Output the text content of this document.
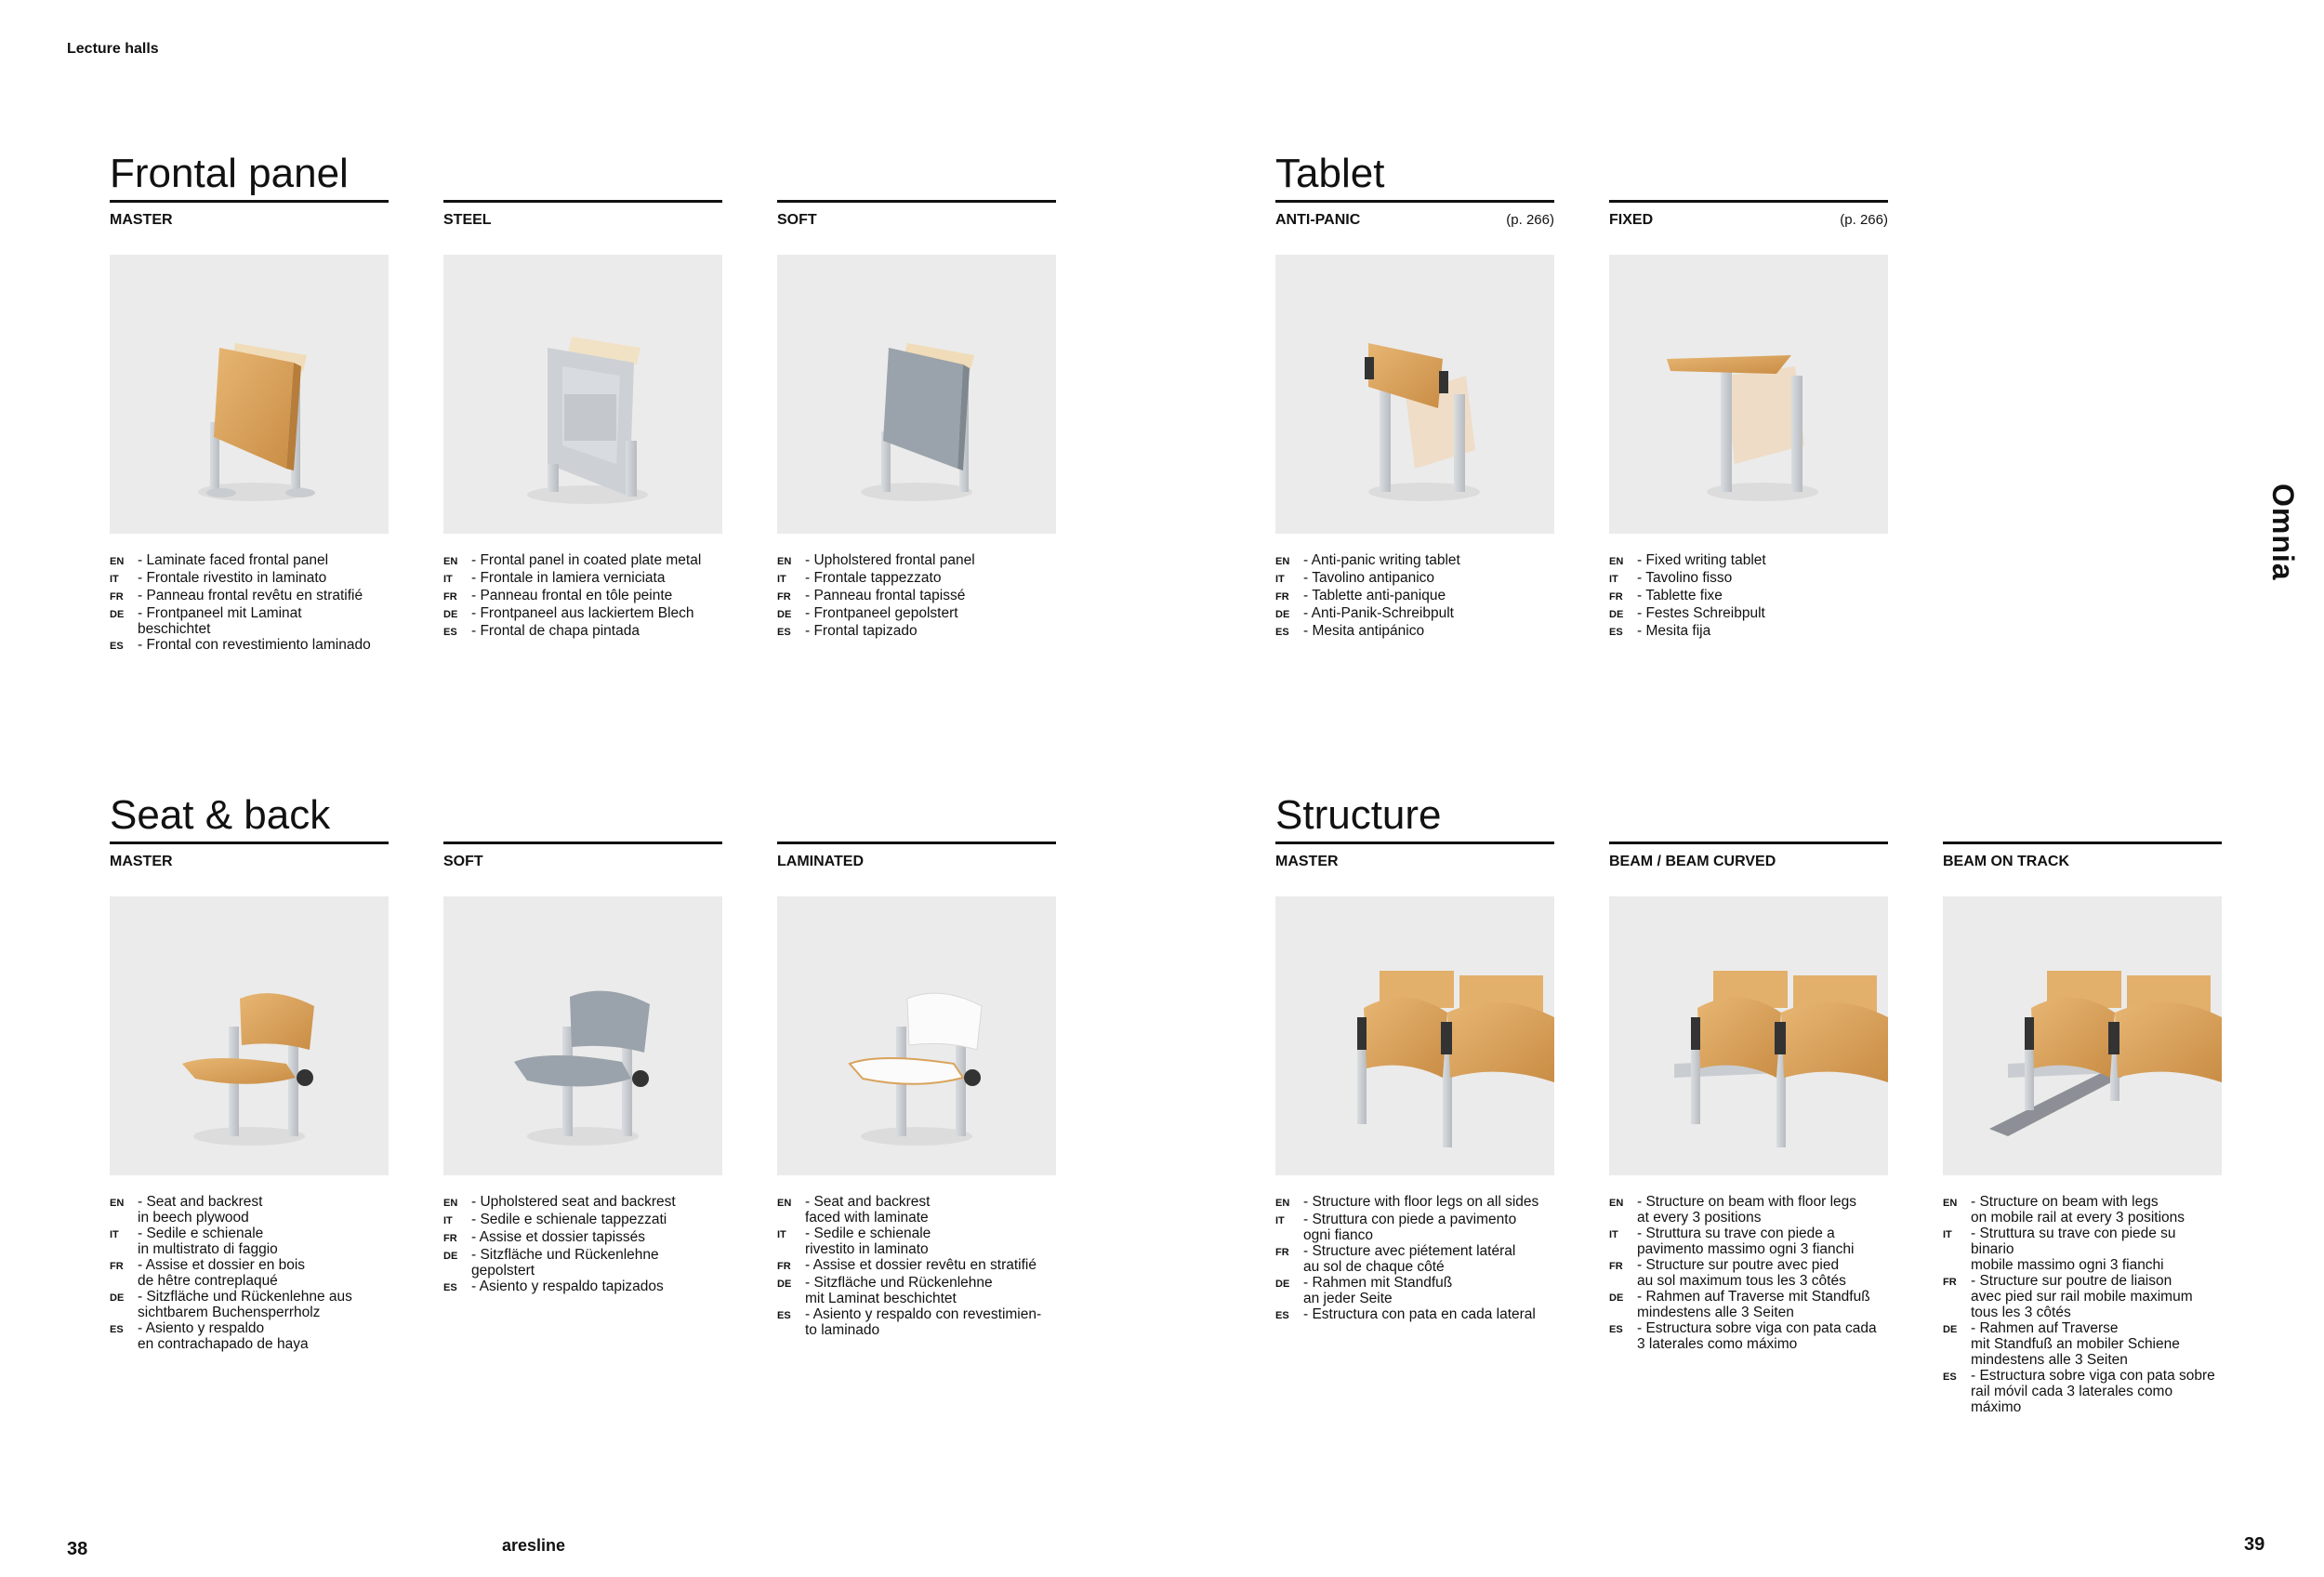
Lecture halls
Omnia
38	39
aresline
Frontal panel	Tablet
Seat & back	Structure
MASTER
EN - Laminate faced frontal panel
IT	- Frontale rivestito in laminato
FR - Panneau frontal revêtu en stratifié
DE - Frontpaneel mit Laminat
beschichtet
ES - Frontal con revestimiento laminado
STEEL
EN - Frontal panel in coated plate metal
IT	- Frontale in lamiera verniciata
FR - Panneau frontal en tôle peinte
DE - Frontpaneel aus lackiertem Blech
ES - Frontal de chapa pintada
SOFT
EN - Upholstered frontal panel
IT	- Frontale tappezzato
FR - Panneau frontal tapissé
DE - Frontpaneel gepolstert
ES - Frontal tapizado
ANTI-PANIC	(p. 266)
EN - Anti-panic writing tablet
IT	- Tavolino antipanico
FR - Tablette anti-panique
DE - Anti-Panik-Schreibpult
ES - Mesita antipánico
FIXED	(p. 266)
EN - Fixed writing tablet
IT	- Tavolino fisso
FR - Tablette fixe
DE - Festes Schreibpult
ES - Mesita fija
MASTER
EN - Seat and backrest
in beech plywood
IT	- Sedile e schienale
in multistrato di faggio
FR - Assise et dossier en bois
de hêtre contreplaqué
DE - Sitzfläche und Rückenlehne aus
sichtbarem Buchensperrholz
ES - Asiento y respaldo
en contrachapado de haya
SOFT
EN - Upholstered seat and backrest
IT	- Sedile e schienale tappezzati
FR - Assise et dossier tapissés
DE - Sitzfläche und Rückenlehne
gepolstert
ES - Asiento y respaldo tapizados
LAMINATED
EN - Seat and backrest
faced with laminate
IT	- Sedile e schienale
rivestito in laminato
FR - Assise et dossier revêtu en stratifié
DE - Sitzfläche und Rückenlehne
mit Laminat beschichtet
ES - Asiento y respaldo con revestimien-
to laminado
MASTER
EN - Structure with floor legs on all sides
IT	- Struttura con piede a pavimento
ogni fianco
FR - Structure avec piétement latéral
au sol de chaque côté
DE - Rahmen mit Standfuß
an jeder Seite
ES - Estructura con pata en cada lateral
BEAM / BEAM CURVED
EN - Structure on beam with floor legs
at every 3 positions
IT	- Struttura su trave con piede a
pavimento massimo ogni 3 fianchi
FR - Structure sur poutre avec pied
au sol maximum tous les 3 côtés
DE - Rahmen auf Traverse mit Standfuß
mindestens alle 3 Seiten
ES - Estructura sobre viga con pata cada
3 laterales como máximo
BEAM ON TRACK
EN - Structure on beam with legs
on mobile rail at every 3 positions
IT	- Struttura su trave con piede su binario
mobile massimo ogni 3 fianchi
FR - Structure sur poutre de liaison
avec pied sur rail mobile maximum
tous les 3 côtés
DE - Rahmen auf Traverse
mit Standfuß an mobiler Schiene
mindestens alle 3 Seiten
ES - Estructura sobre viga con pata sobre
rail móvil cada 3 laterales como
máximo
